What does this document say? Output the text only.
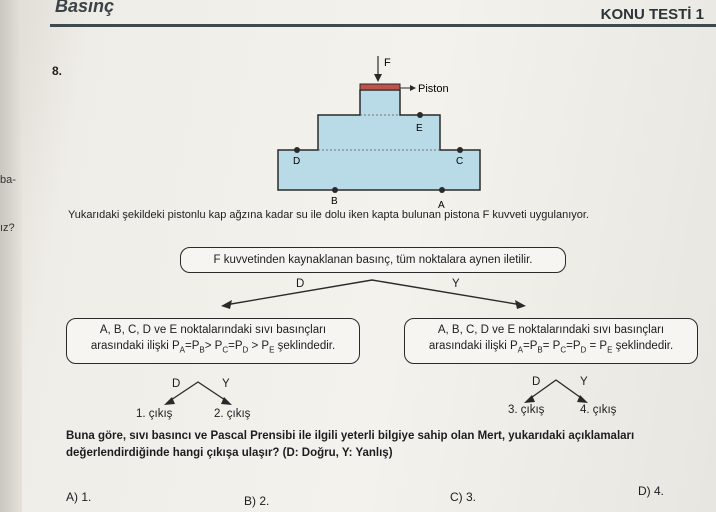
ba-
ız?
Basınç	KONU TESTİ 1
8.
F
Piston
E
D	C
B	A
Yukarıdaki şekildeki pistonlu kap ağzına kadar su ile dolu iken kapta bulunan pistona F kuvveti uygulanıyor.
F kuvvetinden kaynaklanan basınç, tüm noktalara aynen iletilir.
D	Y
A, B, C, D ve E noktalarındaki sıvı basınçları
arasındaki ilişki $P_A=P_B> P_C=P_D > P_E$ şeklindedir.
A, B, C, D ve E noktalarındaki sıvı basınçları
arasındaki ilişki $P_A=P_B= P_C=P_D = P_E$ şeklindedir.
D	Y	D	Y
1. çıkış	2. çıkış	3. çıkış	4. çıkış
Buna göre, sıvı basıncı ve Pascal Prensibi ile ilgili yeterli bilgiye sahip olan Mert, yukarıdaki açıklamaları
değerlendirdiğinde hangi çıkışa ulaşır? (D: Doğru, Y: Yanlış)
A) 1.	B) 2.	C) 3.	D) 4.
